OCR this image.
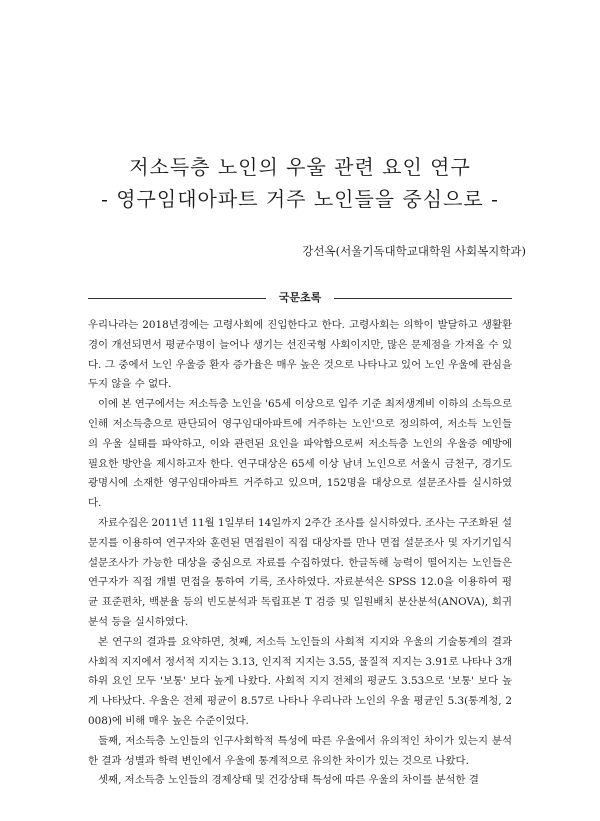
저소득층 노인의 우울 관련 요인 연구
- 영구임대아파트 거주 노인들을 중심으로 -
강선옥(서울기독대학교대학원 사회복지학과)
국문초록

우리나라는 2018년경에는 고령사회에 진입한다고 한다. 고령사회는 의학이 발달하고 생활환경이 개선되면서 평균수명이 늘어나 생기는 선진국형 사회이지만, 많은 문제점을 가져올 수 있다. 그 중에서 노인 우울증 환자 증가율은 매우 높은 것으로 나타나고 있어 노인 우울에 관심을 두지 않을 수 없다.

이에 본 연구에서는 저소득층 노인을 '65세 이상으로 입주 기준 최저생계비 이하의 소득으로 인해 저소득층으로 판단되어 영구임대아파트에 거주하는 노인'으로 정의하여, 저소득 노인들의 우울 실태를 파악하고, 이와 관련된 요인을 파악함으로써 저소득층 노인의 우울증 예방에 필요한 방안을 제시하고자 한다. 연구대상은 65세 이상 남녀 노인으로 서울시 금천구, 경기도 광명시에 소재한 영구임대아파트 거주하고 있으며, 152명을 대상으로 설문조사를 실시하였다.

자료수집은 2011년 11월 1일부터 14일까지 2주간 조사를 실시하였다. 조사는 구조화된 설문지를 이용하여 연구자와 훈련된 면접원이 직접 대상자를 만나 면접 설문조사 및 자기기입식 설문조사가 가능한 대상을 중심으로 자료를 수집하였다. 한글독해 능력이 떨어지는 노인들은 연구자가 직접 개별 면접을 통하여 기록, 조사하였다. 자료분석은 SPSS 12.0을 이용하여 평균 표준편차, 백분율 등의 빈도분석과 독립표본 T 검증 및 일원배치 분산분석(ANOVA), 회귀분석 등을 실시하였다.

본 연구의 결과를 요약하면, 첫째, 저소득 노인들의 사회적 지지와 우울의 기술통계의 결과 사회적 지지에서 정서적 지지는 3.13, 인지적 지지는 3.55, 물질적 지지는 3.91로 나타나 3개 하위 요인 모두 '보통' 보다 높게 나왔다. 사회적 지지 전체의 평균도 3.53으로 '보통' 보다 높게 나타났다. 우울은 전체 평균이 8.57로 나타나 우리나라 노인의 우울 평균인 5.3(통계청, 2008)에 비해 매우 높은 수준이었다.

둘째, 저소득층 노인들의 인구사회학적 특성에 따른 우울에서 유의적인 차이가 있는지 분석한 결과 성별과 학력 변인에서 우울에 통계적으로 유의한 차이가 있는 것으로 나왔다.

셋째, 저소득층 노인들의 경제상태 및 건강상태 특성에 따른 우울의 차이를 분석한 결
